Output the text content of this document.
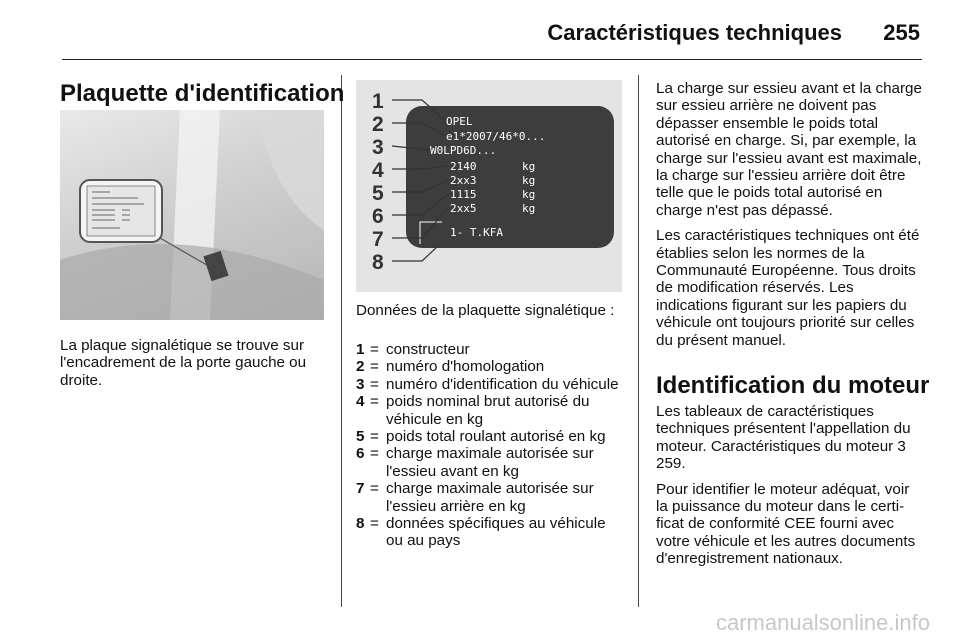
Caractéristiques techniques 255
Plaquette d'identification
La plaque signalétique se trouve sur l'encadrement de la porte gauche ou droite.
OPEL
e1*2007/46*0...
W0LPD6D...
2140
2xx3
1115
2xx5
1- T.KFA
kg
kg
kg
kg
1
2
3
4
5
6
7
8
Données de la plaquette signalétique :
1 = constructeur
2 = numéro d'homologation
3 = numéro d'identification du véhicule
4 = poids nominal brut autorisé du véhicule en kg
5 = poids total roulant autorisé en kg
6 = charge maximale autorisée sur l'essieu avant en kg
7 = charge maximale autorisée sur l'essieu arrière en kg
8 = données spécifiques au véhicule ou au pays

La charge sur essieu avant et la charge sur essieu arrière ne doivent pas dépasser ensemble le poids total autorisé en charge. Si, par exemple, la charge sur l'essieu avant est maximale, la charge sur l'essieu arrière doit être telle que le poids total autorisé en charge n'est pas dépassé.

Les caractéristiques techniques ont été établies selon les normes de la Communauté Européenne. Tous droits de modification réservés. Les indications figurant sur les papiers du véhicule ont toujours priorité sur celles du présent manuel.

Identification du moteur

Les tableaux de caractéristiques techniques présentent l'appellation du moteur. Caractéristiques du moteur 3 259.

Pour identifier le moteur adéquat, voir la puissance du moteur dans le certificat de conformité CEE fourni avec votre véhicule et les autres documents d'enregistrement nationaux.

carmanualsonline.info
